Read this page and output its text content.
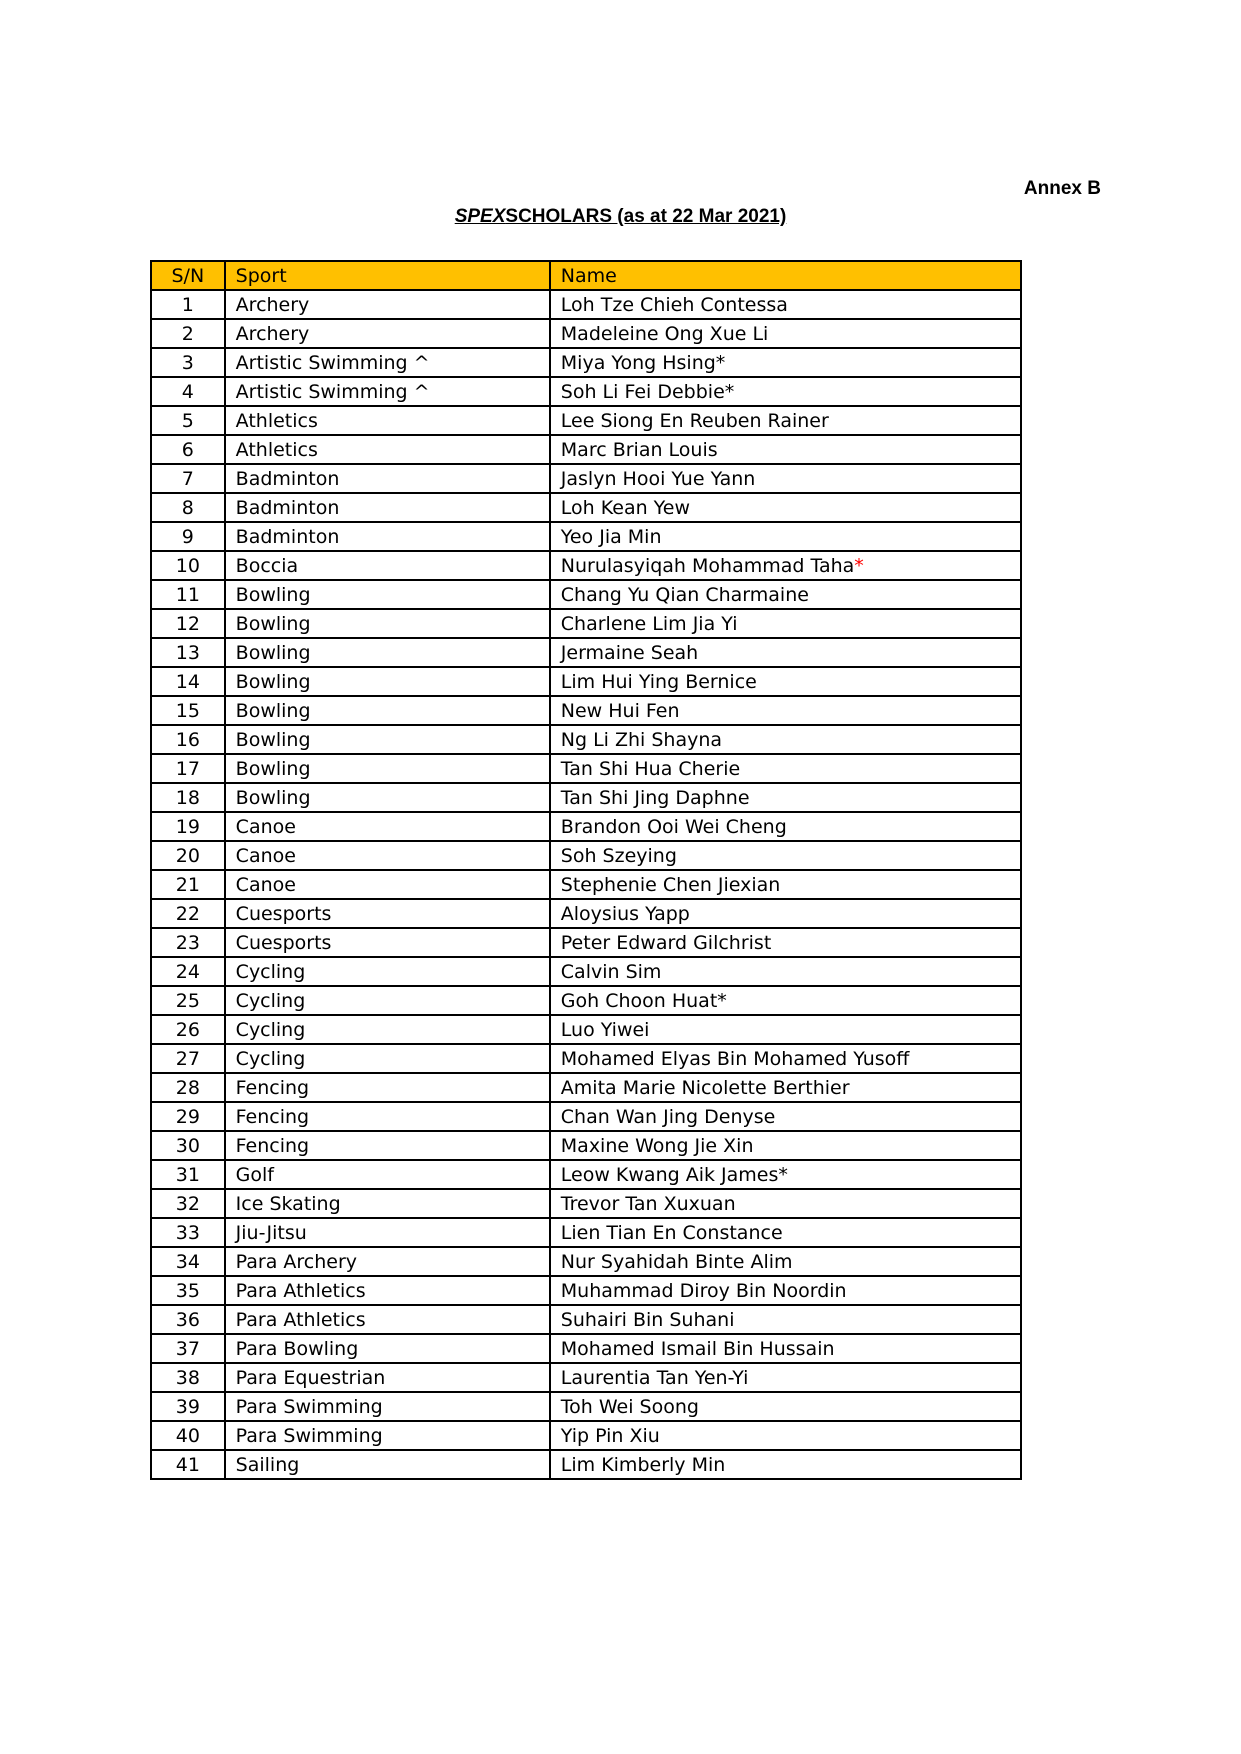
Annex B
SPEXSCHOLARS (as at 22 Mar 2021)
S/N	Sport	Name
1	Archery	Loh Tze Chieh Contessa
2	Archery	Madeleine Ong Xue Li
3	Artistic Swimming ^	Miya Yong Hsing*
4	Artistic Swimming ^	Soh Li Fei Debbie*
5	Athletics	Lee Siong En Reuben Rainer
6	Athletics	Marc Brian Louis
7	Badminton	Jaslyn Hooi Yue Yann
8	Badminton	Loh Kean Yew
9	Badminton	Yeo Jia Min
10	Boccia	Nurulasyiqah Mohammad Taha*
11	Bowling	Chang Yu Qian Charmaine
12	Bowling	Charlene Lim Jia Yi
13	Bowling	Jermaine Seah
14	Bowling	Lim Hui Ying Bernice
15	Bowling	New Hui Fen
16	Bowling	Ng Li Zhi Shayna
17	Bowling	Tan Shi Hua Cherie
18	Bowling	Tan Shi Jing Daphne
19	Canoe	Brandon Ooi Wei Cheng
20	Canoe	Soh Szeying
21	Canoe	Stephenie Chen Jiexian
22	Cuesports	Aloysius Yapp
23	Cuesports	Peter Edward Gilchrist
24	Cycling	Calvin Sim
25	Cycling	Goh Choon Huat*
26	Cycling	Luo Yiwei
27	Cycling	Mohamed Elyas Bin Mohamed Yusoff
28	Fencing	Amita Marie Nicolette Berthier
29	Fencing	Chan Wan Jing Denyse
30	Fencing	Maxine Wong Jie Xin
31	Golf	Leow Kwang Aik James*
32	Ice Skating	Trevor Tan Xuxuan
33	Jiu-Jitsu	Lien Tian En Constance
34	Para Archery	Nur Syahidah Binte Alim
35	Para Athletics	Muhammad Diroy Bin Noordin
36	Para Athletics	Suhairi Bin Suhani
37	Para Bowling	Mohamed Ismail Bin Hussain
38	Para Equestrian	Laurentia Tan Yen-Yi
39	Para Swimming	Toh Wei Soong
40	Para Swimming	Yip Pin Xiu
41	Sailing	Lim Kimberly Min
